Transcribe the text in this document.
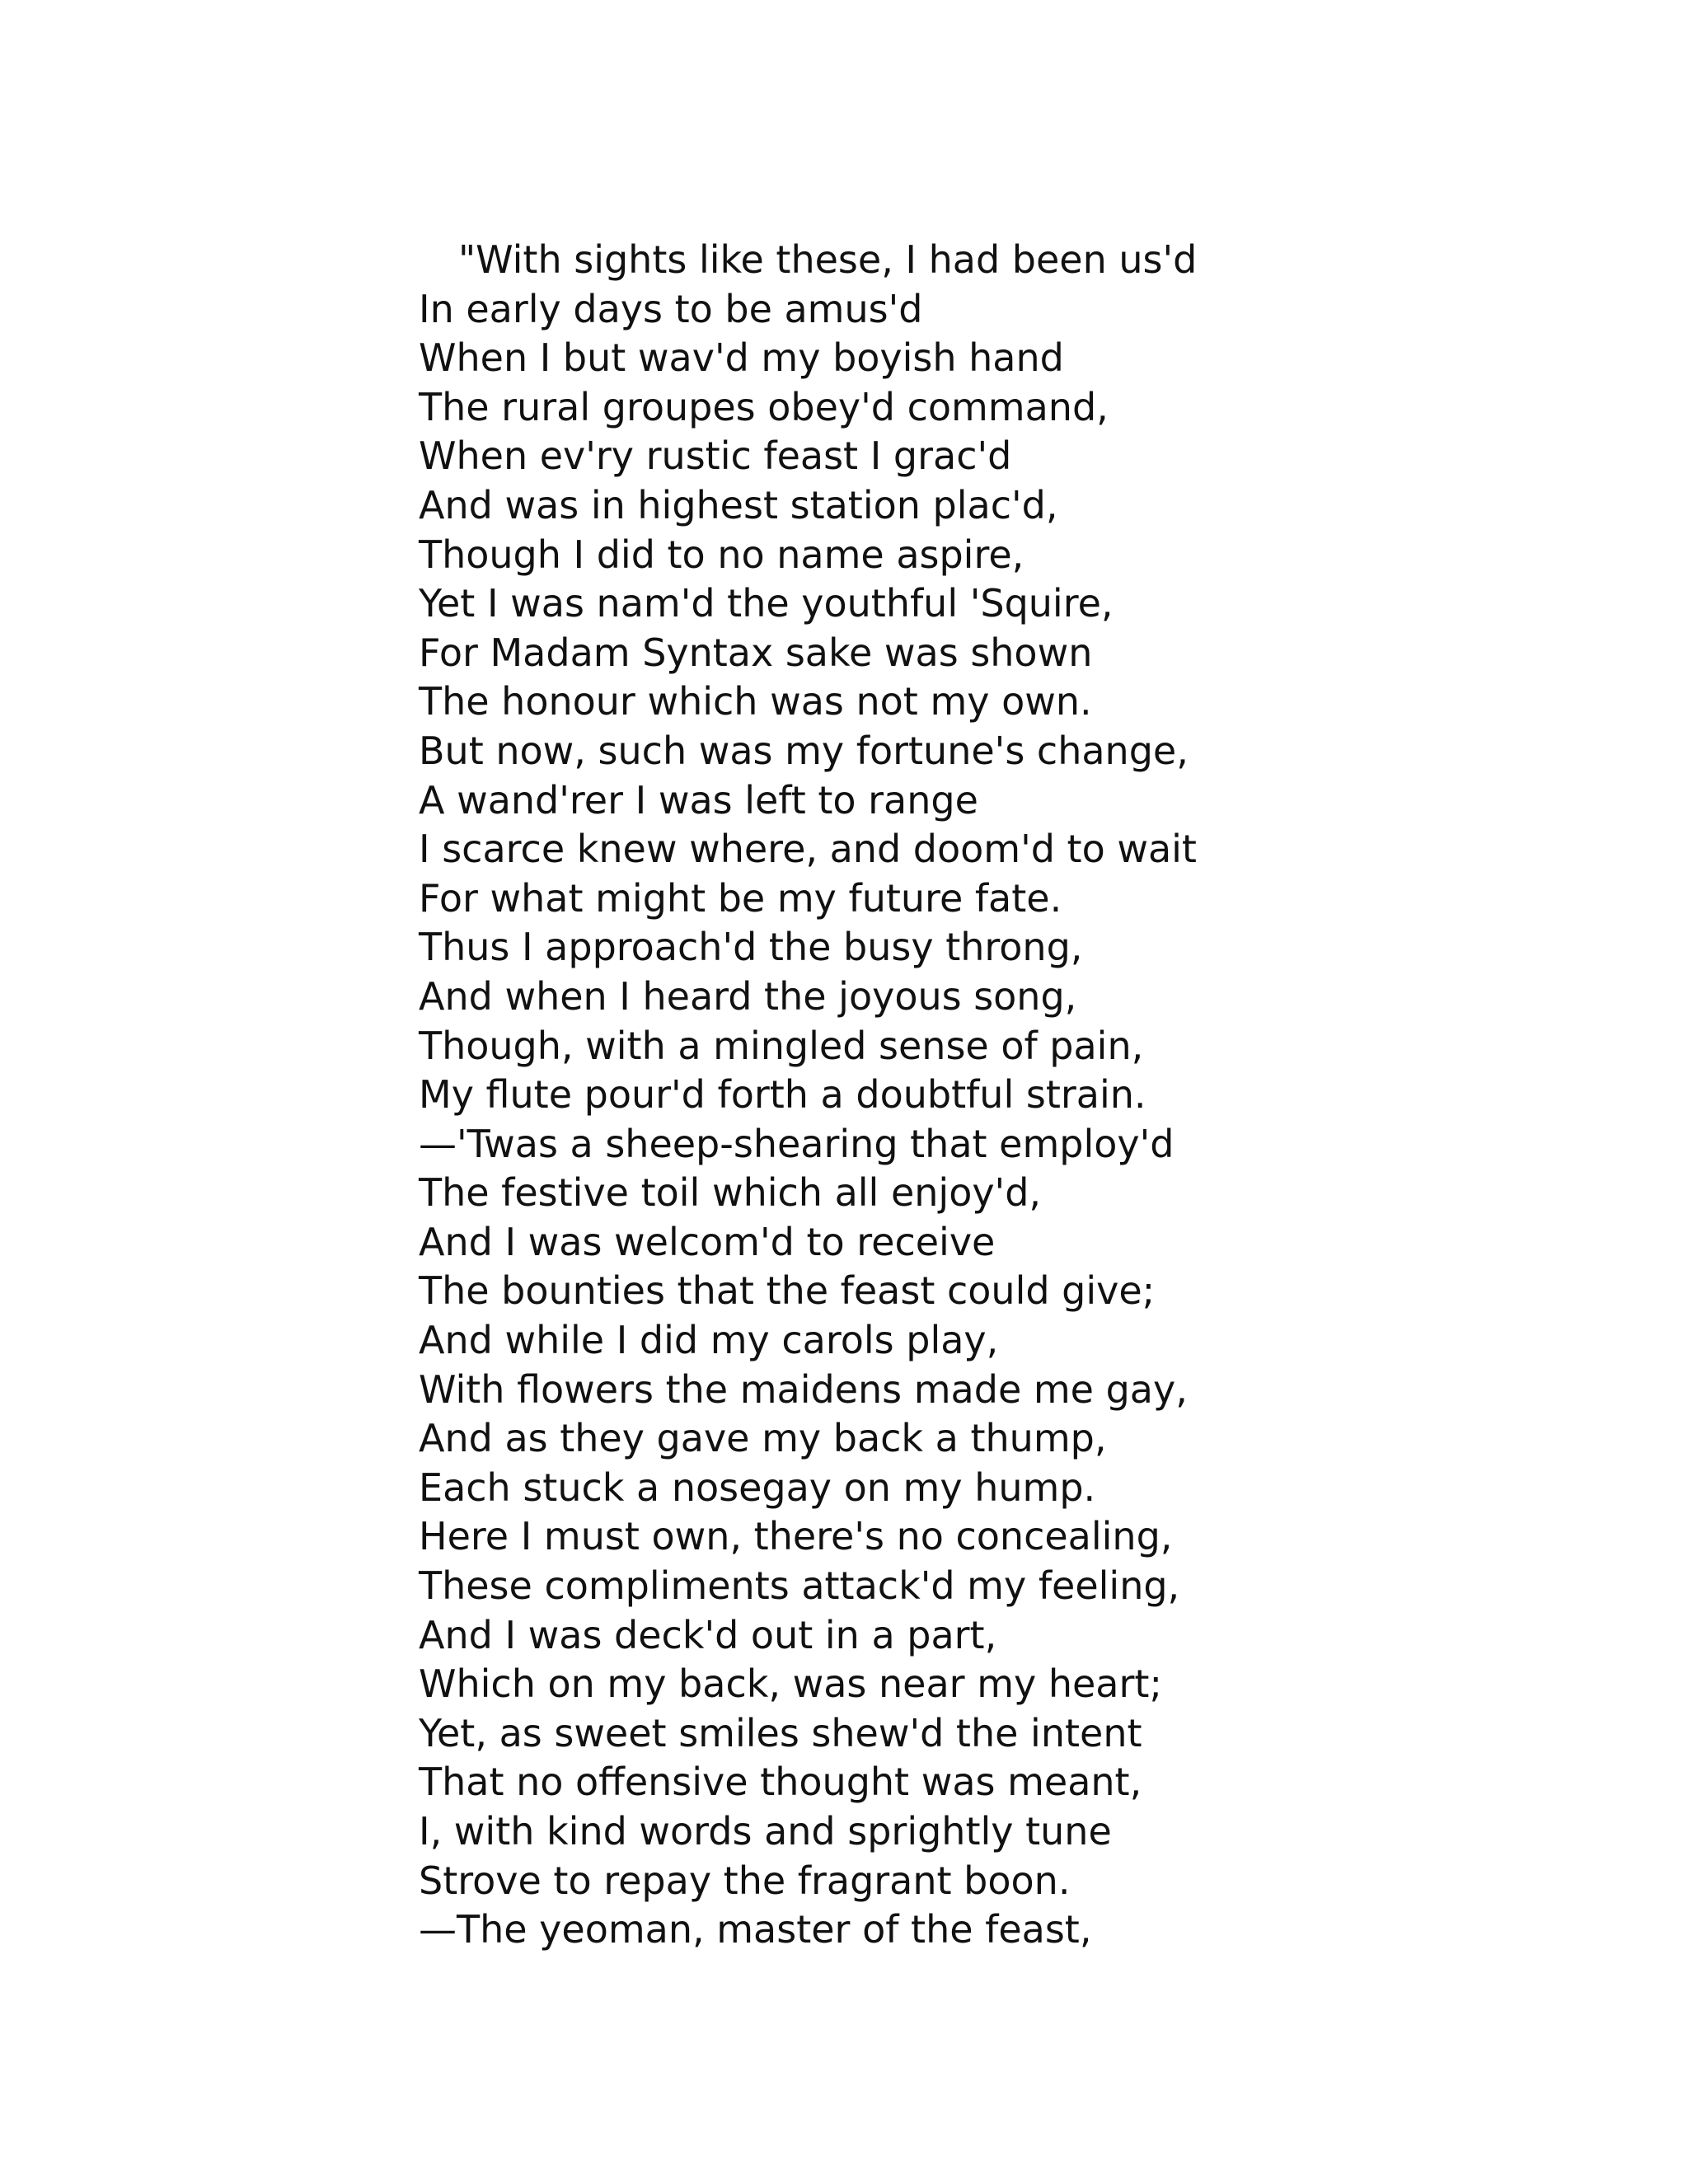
"With sights like these, I had been us'd
In early days to be amus'd
When I but wav'd my boyish hand
The rural groupes obey'd command,
When ev'ry rustic feast I grac'd
And was in highest station plac'd,
Though I did to no name aspire,
Yet I was nam'd the youthful 'Squire,
For Madam Syntax sake was shown
The honour which was not my own.
But now, such was my fortune's change,
A wand'rer I was left to range
I scarce knew where, and doom'd to wait
For what might be my future fate.
Thus I approach'd the busy throng,
And when I heard the joyous song,
Though, with a mingled sense of pain,
My flute pour'd forth a doubtful strain.
—'Twas a sheep-shearing that employ'd
The festive toil which all enjoy'd,
And I was welcom'd to receive
The bounties that the feast could give;
And while I did my carols play,
With flowers the maidens made me gay,
And as they gave my back a thump,
Each stuck a nosegay on my hump.
Here I must own, there's no concealing,
These compliments attack'd my feeling,
And I was deck'd out in a part,
Which on my back, was near my heart;
Yet, as sweet smiles shew'd the intent
That no offensive thought was meant,
I, with kind words and sprightly tune
Strove to repay the fragrant boon.
—The yeoman, master of the feast,
